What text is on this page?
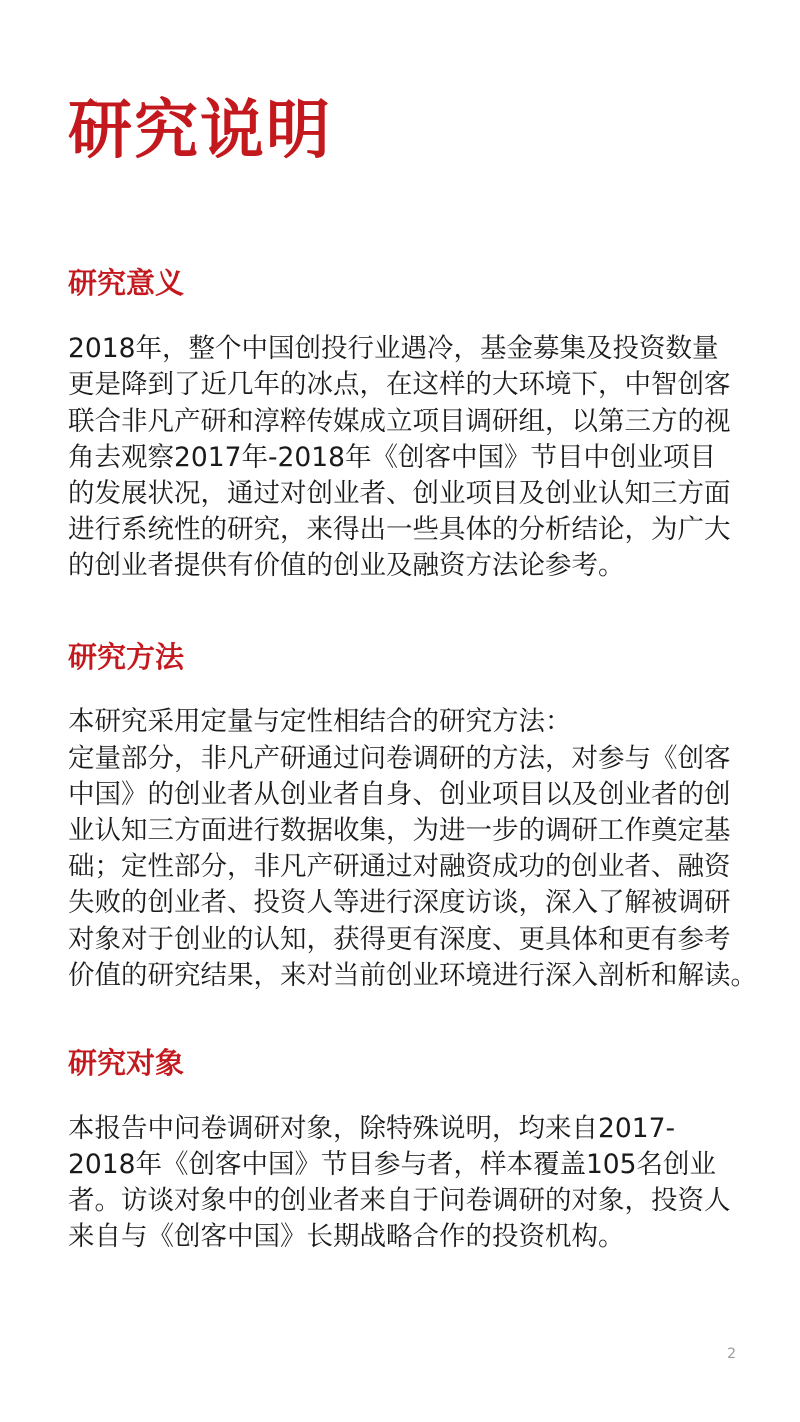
研究说明
研究意义

2018年，整个中国创投行业遇冷，基金募集及投资数量

更是降到了近几年的冰点，在这样的大环境下，中智创客

联合非凡产研和淳粹传媒成立项目调研组，以第三方的视

角去观察2017年-2018年《创客中国》节目中创业项目

的发展状况，通过对创业者、创业项目及创业认知三方面

进行系统性的研究，来得出一些具体的分析结论，为广大

的创业者提供有价值的创业及融资方法论参考。

研究方法

本研究采用定量与定性相结合的研究方法：

定量部分，非凡产研通过问卷调研的方法，对参与《创客

中国》的创业者从创业者自身、创业项目以及创业者的创

业认知三方面进行数据收集，为进一步的调研工作奠定基

础；定性部分，非凡产研通过对融资成功的创业者、融资

失败的创业者、投资人等进行深度访谈，深入了解被调研

对象对于创业的认知，获得更有深度、更具体和更有参考

价值的研究结果，来对当前创业环境进行深入剖析和解读。

研究对象

本报告中问卷调研对象，除特殊说明，均来自2017-

2018年《创客中国》节目参与者，样本覆盖105名创业

者。访谈对象中的创业者来自于问卷调研的对象，投资人

来自与《创客中国》长期战略合作的投资机构。

2
